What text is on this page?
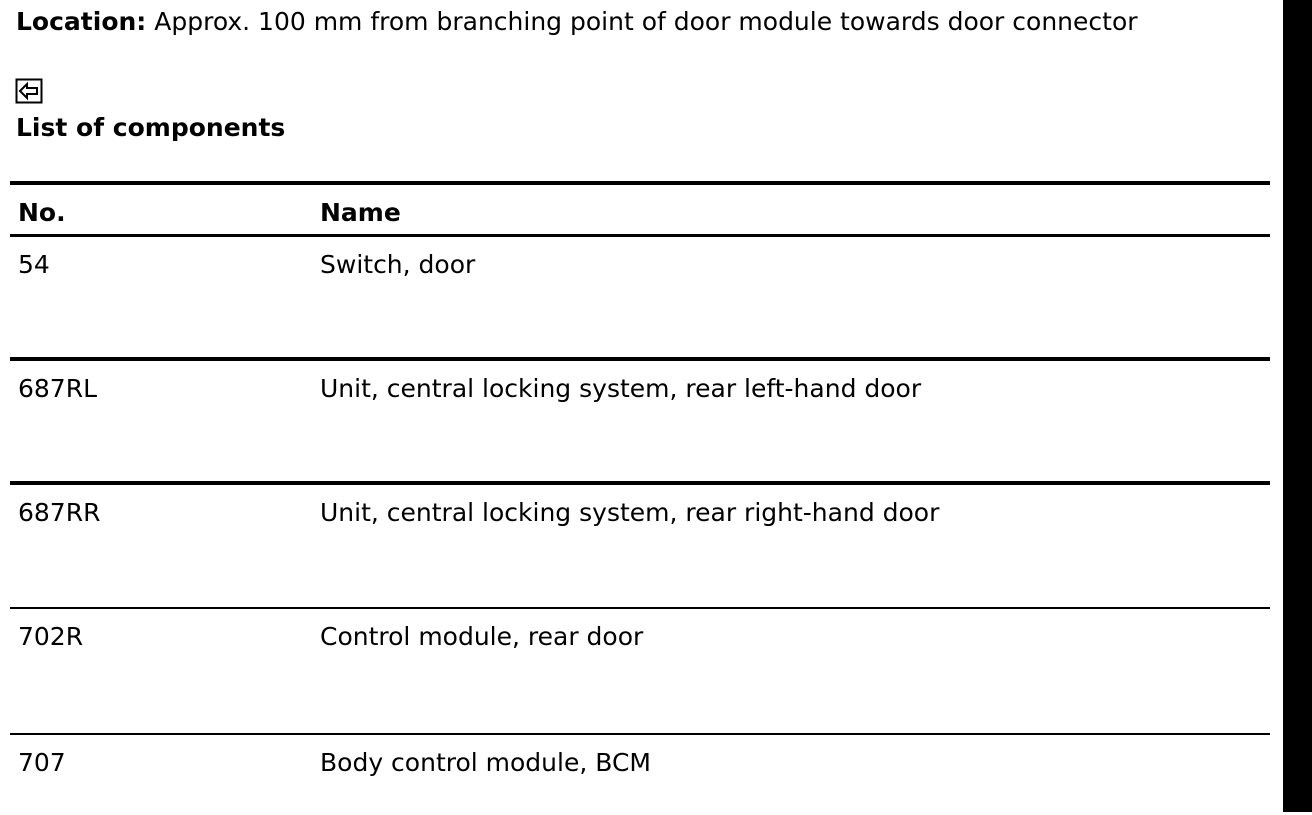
Location: Approx. 100 mm from branching point of door module towards door connector
List of components
No.	Name
54	Switch, door
687RL	Unit, central locking system, rear left-hand door
687RR	Unit, central locking system, rear right-hand door
702R	Control module, rear door
707	Body control module, BCM
